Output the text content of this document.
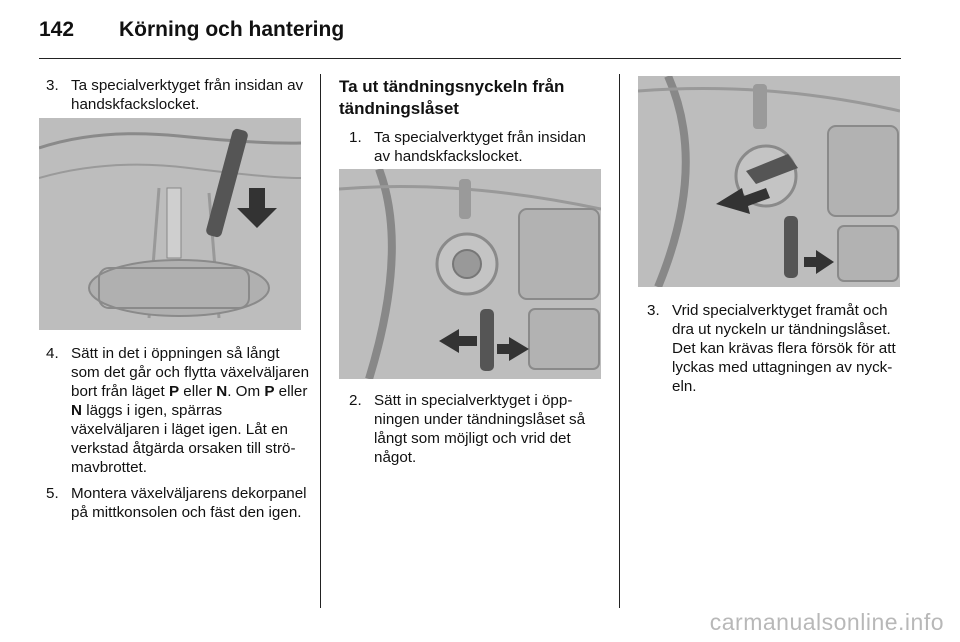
142	Körning och hantering
3. Ta specialverktyget från insidan av handskfackslocket.
4. Sätt in det i öppningen så långt som det går och flytta växelväljaren bort från läget P eller N. Om P eller N läggs i igen, spärras växelväljaren i läget igen. Låt en verkstad åtgärda orsaken till strömavbrottet.
5. Montera växelväljarens dekorpanel på mittkonsolen och fäst den igen.
Ta ut tändningsnyckeln från tändningslåset
1. Ta specialverktyget från insidan av handskfackslocket.
2. Sätt in specialverktyget i öppningen under tändningslåset så långt som möjligt och vrid det något.
3. Vrid specialverktyget framåt och dra ut nyckeln ur tändningslåset. Det kan krävas flera försök för att lyckas med uttagningen av nyckeln.
carmanualsonline.info
